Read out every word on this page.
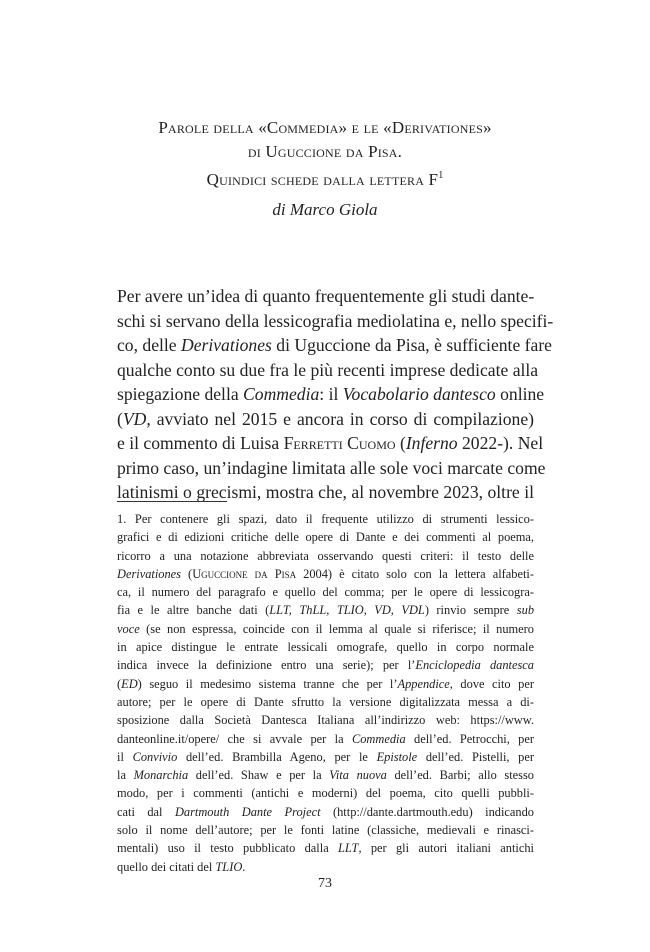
Parole della «Commedia» e le «Derivationes»
di Uguccione da Pisa.
Quindici schede dalla lettera $F^1$
di Marco Giola
Per avere un’idea di quanto frequentemente gli studi dante-
schi si servano della lessicografia mediolatina e, nello specifi-
co, delle Derivationes di Uguccione da Pisa, è sufficiente fare
qualche conto su due fra le più recenti imprese dedicate alla
spiegazione della Commedia: il Vocabolario dantesco online
(VD, avviato nel 2015 e ancora in corso di compilazione)
e il commento di Luisa Ferretti Cuomo (Inferno 2022-). Nel
primo caso, un’indagine limitata alle sole voci marcate come
latinismi o grecismi, mostra che, al novembre 2023, oltre il
1. Per contenere gli spazi, dato il frequente utilizzo di strumenti lessico-
grafici e di edizioni critiche delle opere di Dante e dei commenti al poema,
ricorro a una notazione abbreviata osservando questi criteri: il testo delle
Derivationes (Uguccione da Pisa 2004) è citato solo con la lettera alfabeti-
ca, il numero del paragrafo e quello del comma; per le opere di lessicogra-
fia e le altre banche dati (LLT, ThLL, TLIO, VD, VDL) rinvio sempre sub
voce (se non espressa, coincide con il lemma al quale si riferisce; il numero
in apice distingue le entrate lessicali omografe, quello in corpo normale
indica invece la definizione entro una serie); per l’Enciclopedia dantesca
(ED) seguo il medesimo sistema tranne che per l’Appendice, dove cito per
autore; per le opere di Dante sfrutto la versione digitalizzata messa a di-
sposizione dalla Società Dantesca Italiana all’indirizzo web: https://www.
danteonline.it/opere/ che si avvale per la Commedia dell’ed. Petrocchi, per
il Convivio dell’ed. Brambilla Ageno, per le Epistole dell’ed. Pistelli, per
la Monarchia dell’ed. Shaw e per la Vita nuova dell’ed. Barbi; allo stesso
modo, per i commenti (antichi e moderni) del poema, cito quelli pubbli-
cati dal Dartmouth Dante Project (http://dante.dartmouth.edu) indicando
solo il nome dell’autore; per le fonti latine (classiche, medievali e rinasci-
mentali) uso il testo pubblicato dalla LLT, per gli autori italiani antichi
quello dei citati del TLIO.
73
